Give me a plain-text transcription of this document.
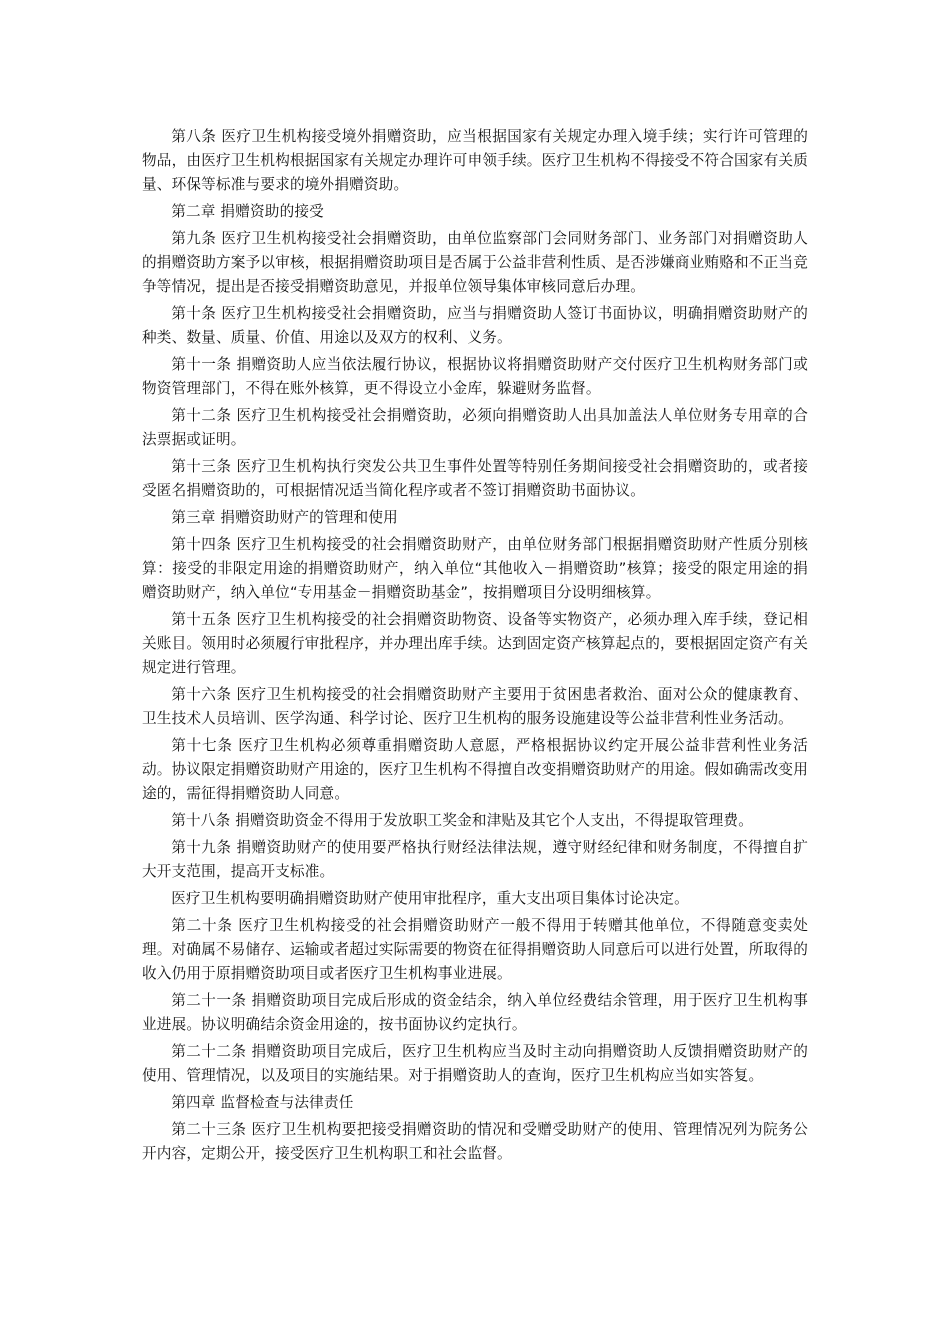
第八条 医疗卫生机构接受境外捐赠资助，应当根据国家有关规定办理入境手续；实行许可管理的物品，由医疗卫生机构根据国家有关规定办理许可申领手续。医疗卫生机构不得接受不符合国家有关质量、环保等标准与要求的境外捐赠资助。

第二章 捐赠资助的接受

第九条 医疗卫生机构接受社会捐赠资助，由单位监察部门会同财务部门、业务部门对捐赠资助人的捐赠资助方案予以审核，根据捐赠资助项目是否属于公益非营利性质、是否涉嫌商业贿赂和不正当竞争等情况，提出是否接受捐赠资助意见，并报单位领导集体审核同意后办理。

第十条 医疗卫生机构接受社会捐赠资助，应当与捐赠资助人签订书面协议，明确捐赠资助财产的种类、数量、质量、价值、用途以及双方的权利、义务。

第十一条 捐赠资助人应当依法履行协议，根据协议将捐赠资助财产交付医疗卫生机构财务部门或物资管理部门，不得在账外核算，更不得设立小金库，躲避财务监督。

第十二条 医疗卫生机构接受社会捐赠资助，必须向捐赠资助人出具加盖法人单位财务专用章的合法票据或证明。

第十三条 医疗卫生机构执行突发公共卫生事件处置等特别任务期间接受社会捐赠资助的，或者接受匿名捐赠资助的，可根据情况适当简化程序或者不签订捐赠资助书面协议。

第三章 捐赠资助财产的管理和使用

第十四条 医疗卫生机构接受的社会捐赠资助财产，由单位财务部门根据捐赠资助财产性质分别核算：接受的非限定用途的捐赠资助财产，纳入单位“其他收入－捐赠资助”核算；接受的限定用途的捐赠资助财产，纳入单位“专用基金－捐赠资助基金”，按捐赠项目分设明细核算。

第十五条 医疗卫生机构接受的社会捐赠资助物资、设备等实物资产，必须办理入库手续，登记相关账目。领用时必须履行审批程序，并办理出库手续。达到固定资产核算起点的，要根据固定资产有关规定进行管理。

第十六条 医疗卫生机构接受的社会捐赠资助财产主要用于贫困患者救治、面对公众的健康教育、卫生技术人员培训、医学沟通、科学讨论、医疗卫生机构的服务设施建设等公益非营利性业务活动。

第十七条 医疗卫生机构必须尊重捐赠资助人意愿，严格根据协议约定开展公益非营利性业务活动。协议限定捐赠资助财产用途的，医疗卫生机构不得擅自改变捐赠资助财产的用途。假如确需改变用途的，需征得捐赠资助人同意。

第十八条 捐赠资助资金不得用于发放职工奖金和津贴及其它个人支出，不得提取管理费。

第十九条 捐赠资助财产的使用要严格执行财经法律法规，遵守财经纪律和财务制度，不得擅自扩大开支范围，提高开支标准。

医疗卫生机构要明确捐赠资助财产使用审批程序，重大支出项目集体讨论决定。

第二十条 医疗卫生机构接受的社会捐赠资助财产一般不得用于转赠其他单位，不得随意变卖处理。对确属不易储存、运输或者超过实际需要的物资在征得捐赠资助人同意后可以进行处置，所取得的收入仍用于原捐赠资助项目或者医疗卫生机构事业进展。

第二十一条 捐赠资助项目完成后形成的资金结余，纳入单位经费结余管理，用于医疗卫生机构事业进展。协议明确结余资金用途的，按书面协议约定执行。

第二十二条 捐赠资助项目完成后，医疗卫生机构应当及时主动向捐赠资助人反馈捐赠资助财产的使用、管理情况，以及项目的实施结果。对于捐赠资助人的查询，医疗卫生机构应当如实答复。

第四章 监督检查与法律责任

第二十三条 医疗卫生机构要把接受捐赠资助的情况和受赠受助财产的使用、管理情况列为院务公开内容，定期公开，接受医疗卫生机构职工和社会监督。
